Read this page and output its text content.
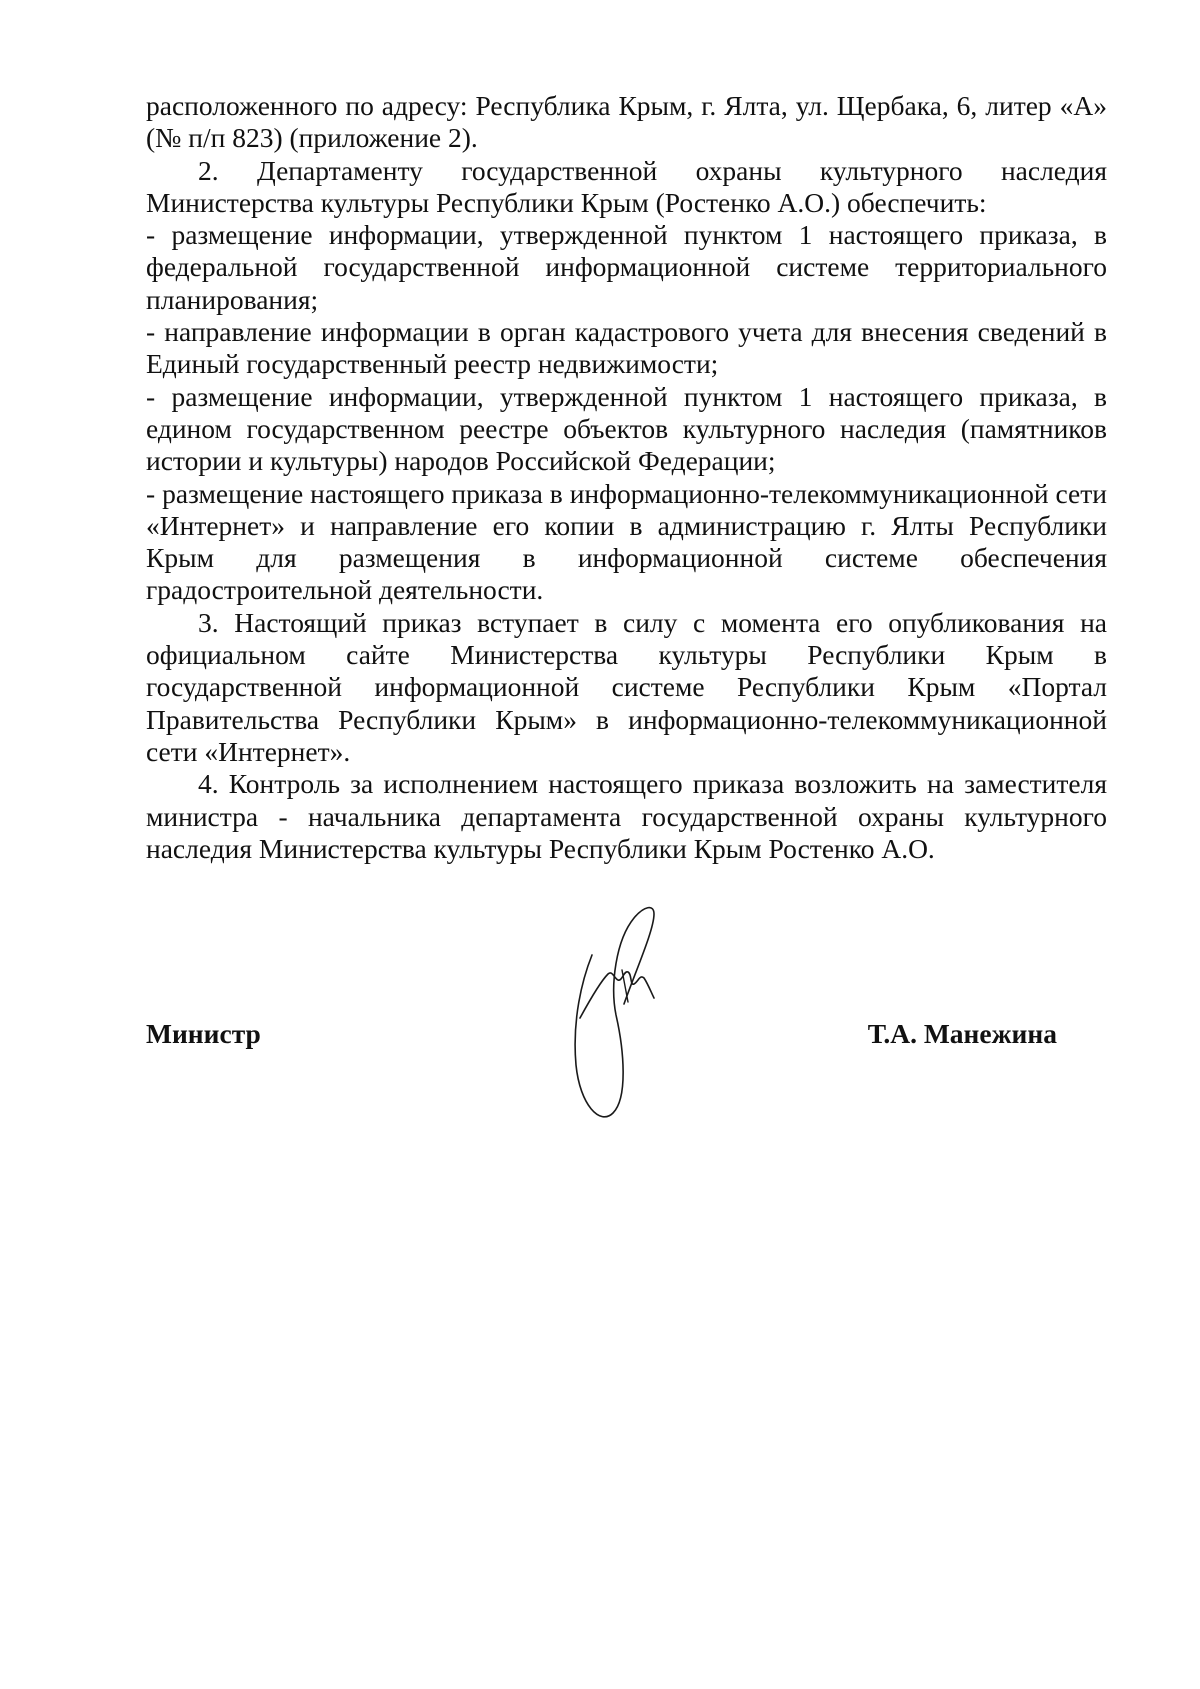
расположенного по адресу: Республика Крым, г. Ялта, ул. Щербака, 6, литер «А» (№ п/п 823) (приложение 2).

2. Департаменту государственной охраны культурного наследия Министерства культуры Республики Крым (Ростенко А.О.) обеспечить:

- размещение информации, утвержденной пунктом 1 настоящего приказа, в федеральной государственной информационной системе территориального планирования;

- направление информации в орган кадастрового учета для внесения сведений в Единый государственный реестр недвижимости;

- размещение информации, утвержденной пунктом 1 настоящего приказа, в едином государственном реестре объектов культурного наследия (памятников истории и культуры) народов Российской Федерации;

- размещение настоящего приказа в информационно-телекоммуникационной сети «Интернет» и направление его копии в администрацию г. Ялты Республики Крым для размещения в информационной системе обеспечения градостроительной деятельности.

3. Настоящий приказ вступает в силу с момента его опубликования на официальном сайте Министерства культуры Республики Крым в государственной информационной системе Республики Крым «Портал Правительства Республики Крым» в информационно-телекоммуникационной сети «Интернет».

4. Контроль за исполнением настоящего приказа возложить на заместителя министра - начальника департамента государственной охраны культурного наследия Министерства культуры Республики Крым Ростенко А.О.

Министр	Т.А. Манежина
